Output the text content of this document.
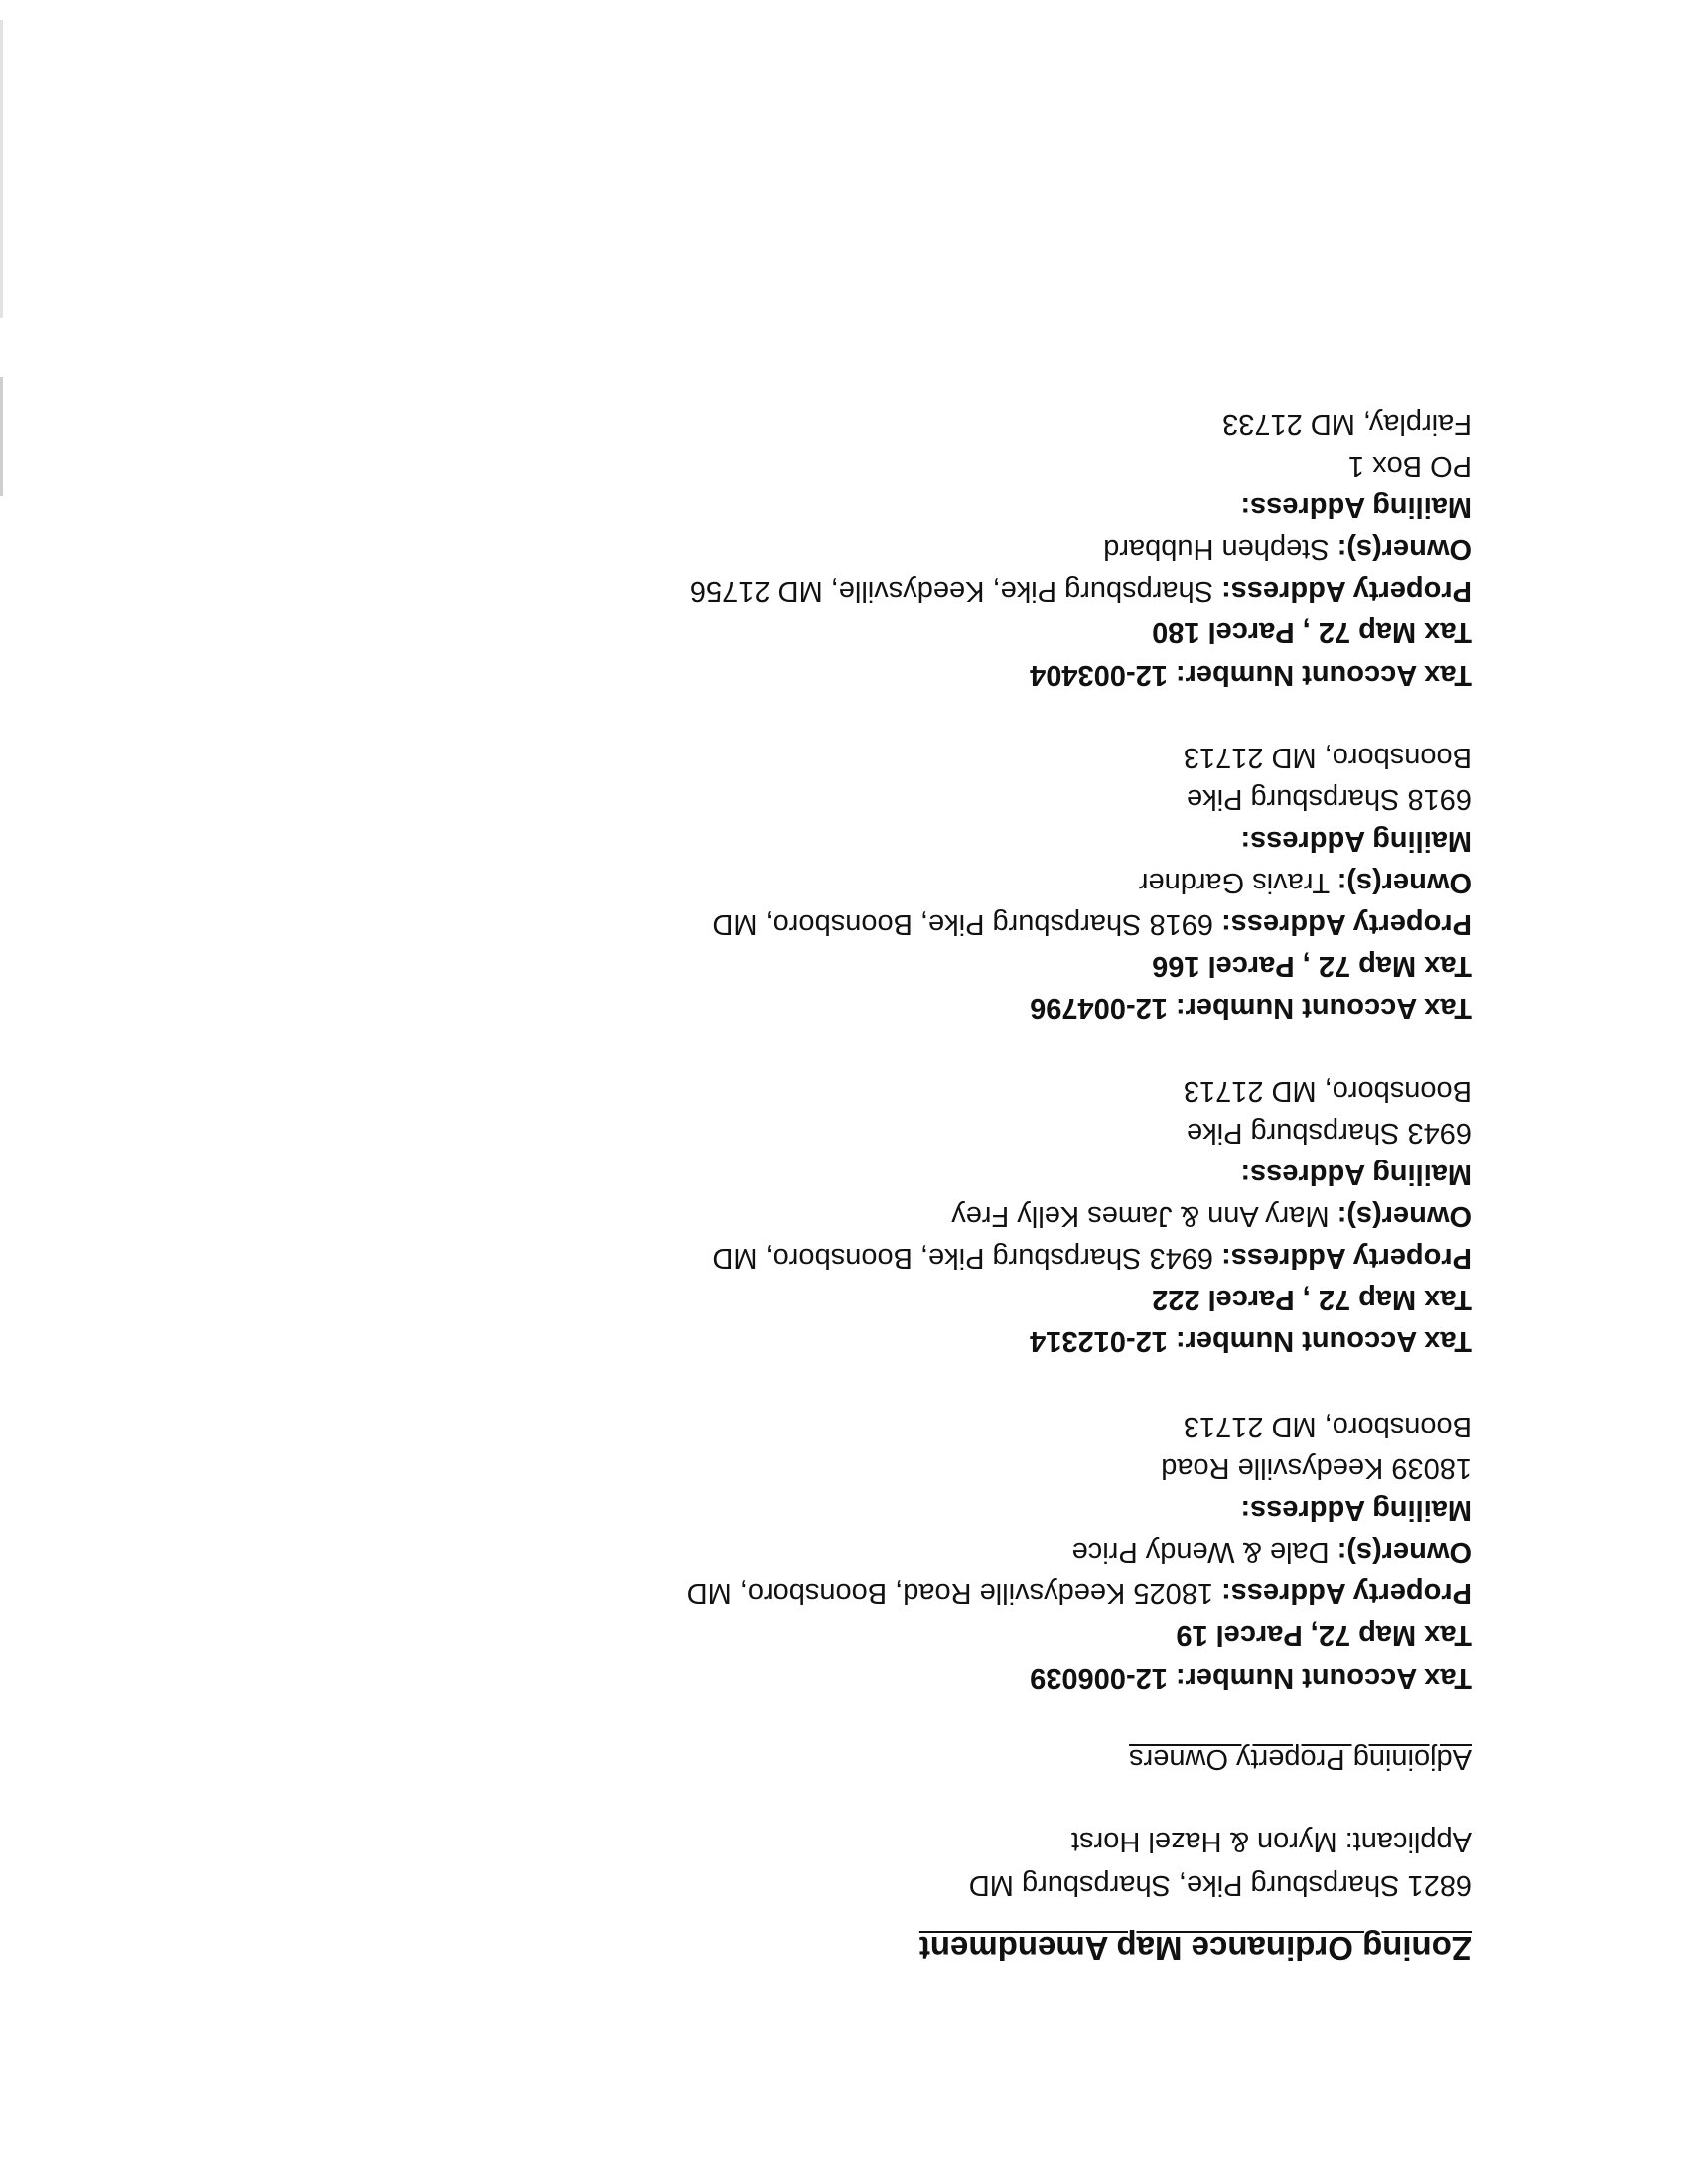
Zoning Ordinance Map Amendment
6821 Sharpsburg Pike, Sharpsburg MD
Applicant: Myron & Hazel Horst
Adjoining Property Owners
Tax Account Number: 12-006039
Tax Map 72, Parcel 19
Property Address: 18025 Keedysville Road, Boonsboro, MD
Owner(s): Dale & Wendy Price
Mailing Address:
18039 Keedysville Road
Boonsboro, MD 21713
Tax Account Number: 12-012314
Tax Map 72 , Parcel 222
Property Address: 6943 Sharpsburg Pike, Boonsboro, MD
Owner(s): Mary Ann & James Kelly Frey
Mailing Address:
6943 Sharpsburg Pike
Boonsboro, MD 21713
Tax Account Number: 12-004796
Tax Map 72 , Parcel 166
Property Address: 6918 Sharpsburg Pike, Boonsboro, MD
Owner(s): Travis Gardner
Mailing Address:
6918 Sharpsburg Pike
Boonsboro, MD 21713
Tax Account Number: 12-003404
Tax Map 72 , Parcel 180
Property Address: Sharpsburg Pike, Keedysville, MD 21756
Owner(s): Stephen Hubbard
Mailing Address:
PO Box 1
Fairplay, MD 21733
